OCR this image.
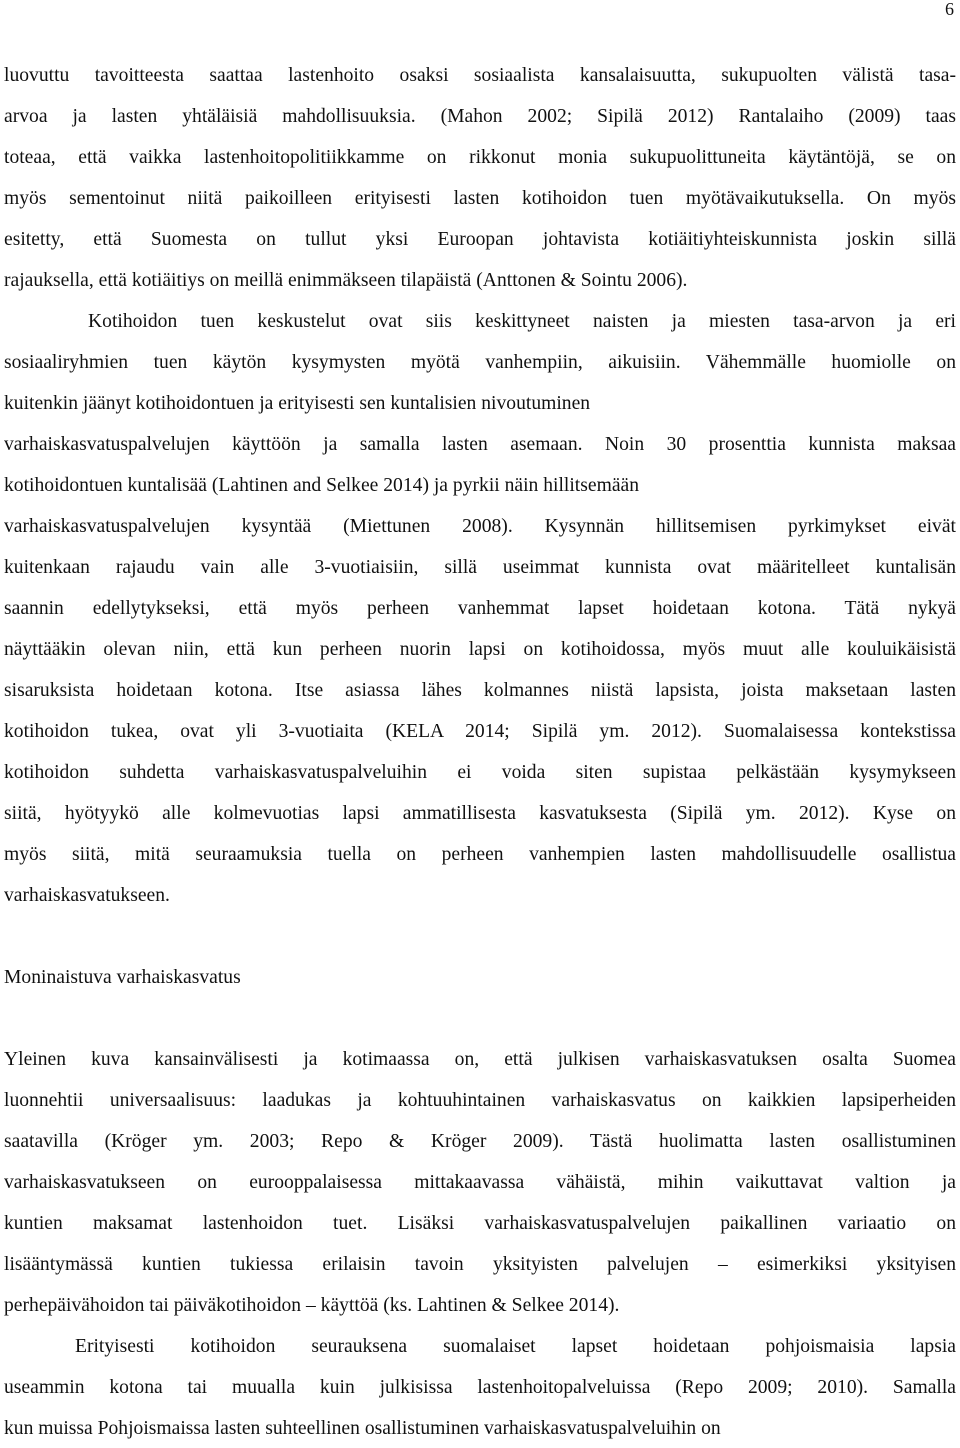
6
luovuttu tavoitteesta saattaa lastenhoito osaksi sosiaalista kansalaisuutta, sukupuolten välistä tasa-
arvoa ja lasten yhtäläisiä mahdollisuuksia. (Mahon 2002; Sipilä 2012) Rantalaiho (2009) taas
toteaa, että vaikka lastenhoitopolitiikkamme on rikkonut monia sukupuolittuneita käytäntöjä, se on
myös sementoinut niitä paikoilleen erityisesti lasten kotihoidon tuen myötävaikutuksella. On myös
esitetty, että Suomesta on tullut yksi Euroopan johtavista kotiäitiyhteiskunnista joskin sillä
rajauksella, että kotiäitiys on meillä enimmäkseen tilapäistä (Anttonen & Sointu 2006).
Kotihoidon tuen keskustelut ovat siis keskittyneet naisten ja miesten tasa-arvon ja eri
sosiaaliryhmien tuen käytön kysymysten myötä vanhempiin, aikuisiin. Vähemmälle huomiolle on
kuitenkin jäänyt kotihoidontuen ja erityisesti sen kuntalisien nivoutuminen
varhaiskasvatuspalvelujen käyttöön ja samalla lasten asemaan. Noin 30 prosenttia kunnista maksaa
kotihoidontuen kuntalisää (Lahtinen and Selkee 2014) ja pyrkii näin hillitsemään
varhaiskasvatuspalvelujen kysyntää (Miettunen 2008). Kysynnän hillitsemisen pyrkimykset eivät
kuitenkaan rajaudu vain alle 3-vuotiaisiin, sillä useimmat kunnista ovat määritelleet kuntalisän
saannin edellytykseksi, että myös perheen vanhemmat lapset hoidetaan kotona. Tätä nykyä
näyttääkin olevan niin, että kun perheen nuorin lapsi on kotihoidossa, myös muut alle kouluikäisistä
sisaruksista hoidetaan kotona. Itse asiassa lähes kolmannes niistä lapsista, joista maksetaan lasten
kotihoidon tukea, ovat yli 3-vuotiaita (KELA 2014; Sipilä ym. 2012). Suomalaisessa kontekstissa
kotihoidon suhdetta varhaiskasvatuspalveluihin ei voida siten supistaa pelkästään kysymykseen
siitä, hyötyykö alle kolmevuotias lapsi ammatillisesta kasvatuksesta (Sipilä ym. 2012). Kyse on
myös siitä, mitä seuraamuksia tuella on perheen vanhempien lasten mahdollisuudelle osallistua
varhaiskasvatukseen.
Moninaistuva varhaiskasvatus
Yleinen kuva kansainvälisesti ja kotimaassa on, että julkisen varhaiskasvatuksen osalta Suomea
luonnehtii universaalisuus: laadukas ja kohtuuhintainen varhaiskasvatus on kaikkien lapsiperheiden
saatavilla (Kröger ym. 2003; Repo & Kröger 2009). Tästä huolimatta lasten osallistuminen
varhaiskasvatukseen on eurooppalaisessa mittakaavassa vähäistä, mihin vaikuttavat valtion ja
kuntien maksamat lastenhoidon tuet. Lisäksi varhaiskasvatuspalvelujen paikallinen variaatio on
lisääntymässä kuntien tukiessa erilaisin tavoin yksityisten palvelujen – esimerkiksi yksityisen
perhepäivähoidon tai päiväkotihoidon – käyttöä (ks. Lahtinen & Selkee 2014).
Erityisesti kotihoidon seurauksena suomalaiset lapset hoidetaan pohjoismaisia lapsia
useammin kotona tai muualla kuin julkisissa lastenhoitopalveluissa (Repo 2009; 2010). Samalla
kun muissa Pohjoismaissa lasten suhteellinen osallistuminen varhaiskasvatuspalveluihin on
